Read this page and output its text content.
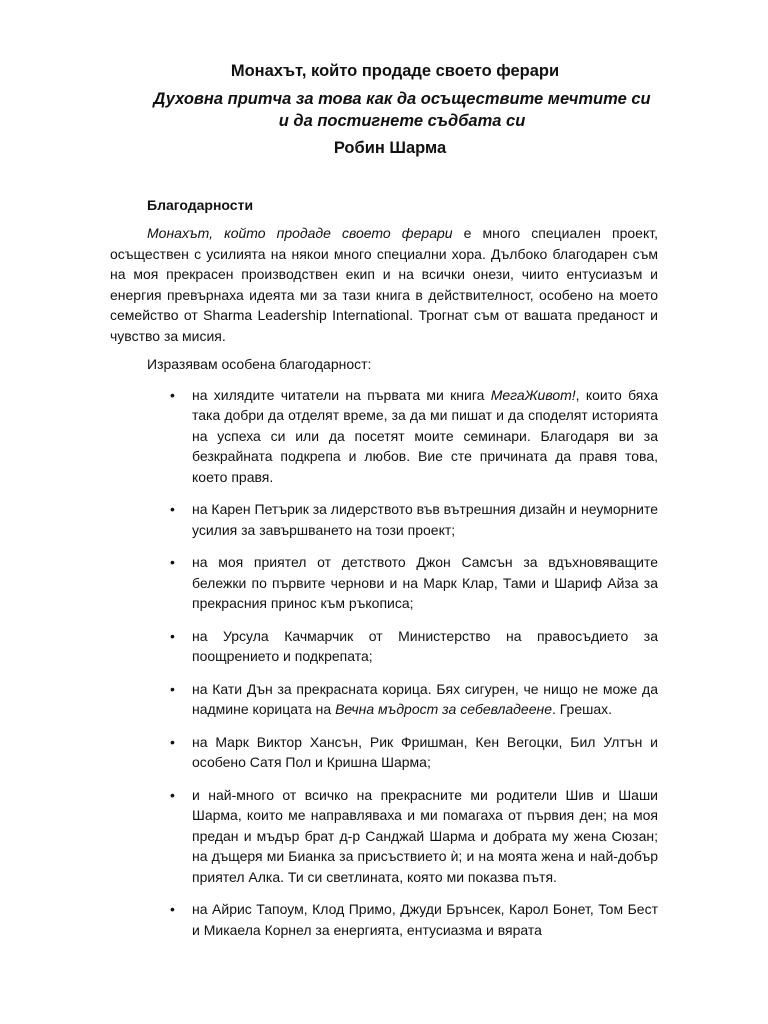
Монахът, който продаде своето ферари
Духовна притча за това как да осъществите мечтите си
и да постигнете съдбата си
Робин Шарма
Благодарности

Монахът, който продаде своето ферари е много специален проект, осъществен с усилията на някои много специални хора. Дълбоко благодарен съм на моя прекрасен производствен екип и на всички онези, чиито ентусиазъм и енергия превърнаха идеята ми за тази книга в действителност, особено на моето семейство от Sharma Leadership International. Трогнат съм от вашата преданост и чувство за мисия.

Изразявам особена благодарност:
• на хилядите читатели на първата ми книга МегаЖивот!, които бяха така добри да отделят време, за да ми пишат и да споделят историята на успеха си или да посетят моите семинари. Благодаря ви за безкрайната подкрепа и любов. Вие сте причината да правя това, което правя.
• на Карен Петърик за лидерството във вътрешния дизайн и неуморните усилия за завършването на този проект;
• на моя приятел от детството Джон Самсън за вдъхновяващите бележки по първите чернови и на Марк Клар, Тами и Шариф Айза за прекрасния принос към ръкописа;
• на Урсула Качмарчик от Министерство на правосъдието за поощрението и подкрепата;
• на Кати Дън за прекрасната корица. Бях сигурен, че нищо не може да надмине корицата на Вечна мъдрост за себевладеене. Грешах.
• на Марк Виктор Хансън, Рик Фришман, Кен Вегоцки, Бил Ултън и особено Сатя Пол и Кришна Шарма;
• и най-много от всичко на прекрасните ми родители Шив и Шаши Шарма, които ме направляваха и ми помагаха от първия ден; на моя предан и мъдър брат д-р Санджай Шарма и добрата му жена Сюзан; на дъщеря ми Бианка за присъствието ѝ; и на моята жена и най-добър приятел Алка. Ти си светлината, която ми показва пътя.
• на Айрис Тапоум, Клод Примо, Джуди Брънсек, Карол Бонет, Том Бест и Микаела Корнел за енергията, ентусиазма и вярата
